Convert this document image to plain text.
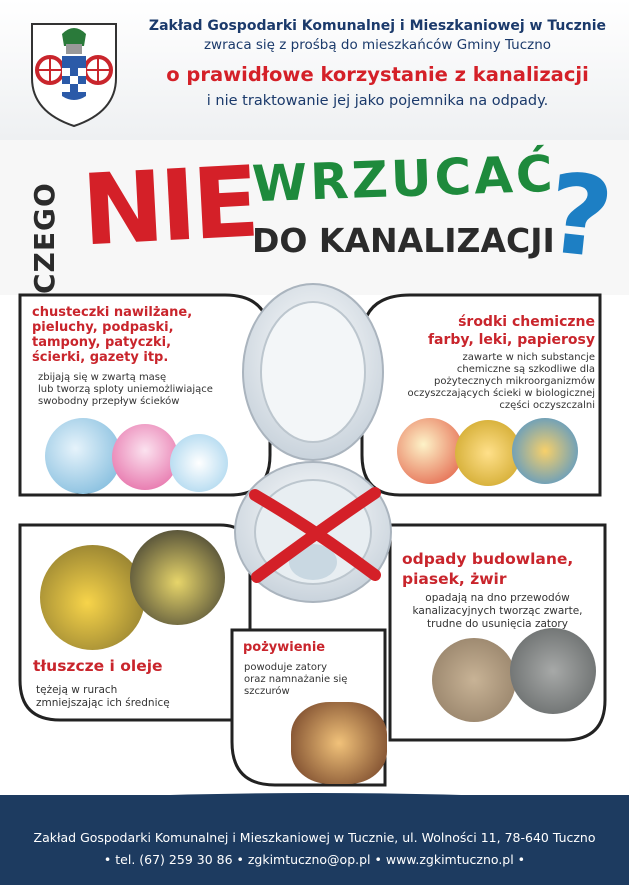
Zakład Gospodarki Komunalnej i Mieszkaniowej w Tucznie
zwraca się z prośbą do mieszkańców Gminy Tuczno
o prawidłowe korzystanie z kanalizacji
i nie traktowanie jej jako pojemnika na odpady.
CZEGO NIE
WRZUCAĆ
DO KANALIZACJI
?
chusteczki nawilżane,
pieluchy, podpaski,
tampony, patyczki,
ścierki, gazety itp.
zbijają się w zwartą masę
lub tworzą sploty uniemożliwiające
swobodny przepływ ścieków
środki chemiczne
farby, leki, papierosy
zawarte w nich substancje
chemiczne są szkodliwe dla
pożytecznych mikroorganizmów
oczyszczających ścieki w biologicznej
części oczyszczalni
tłuszcze i oleje
tężeją w rurach
zmniejszając ich średnicę
odpady budowlane,
piasek, żwir
opadają na dno przewodów
kanalizacyjnych tworząc zwarte,
trudne do usunięcia zatory
pożywienie
powoduje zatory
oraz namnażanie się
szczurów
Zakład Gospodarki Komunalnej i Mieszkaniowej w Tucznie, ul. Wolności 11, 78-640 Tuczno
• tel. (67) 259 30 86 • zgkimtuczno@op.pl • www.zgkimtuczno.pl •
